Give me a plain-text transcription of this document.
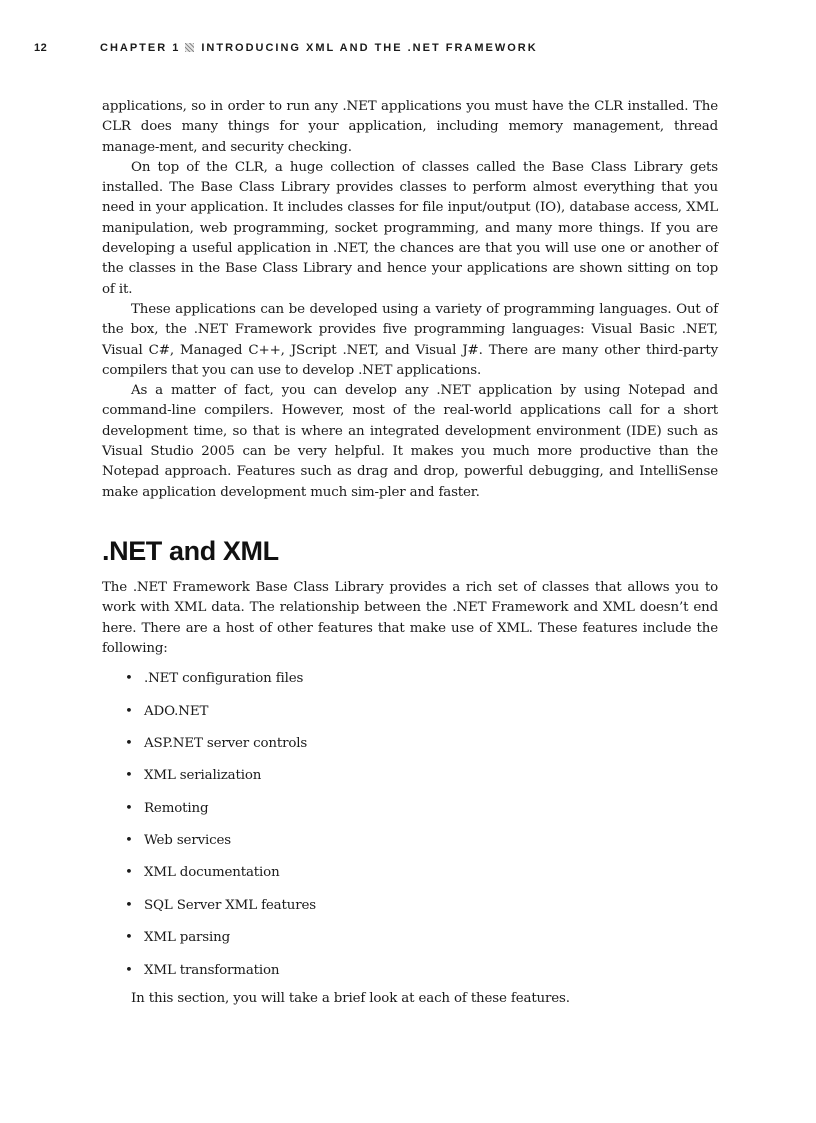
12	CHAPTER 1 INTRODUCING XML AND THE .NET FRAMEWORK

applications, so in order to run any .NET applications you must have the CLR installed. The CLR does many things for your application, including memory management, thread manage-ment, and security checking.

On top of the CLR, a huge collection of classes called the Base Class Library gets installed. The Base Class Library provides classes to perform almost everything that you need in your application. It includes classes for file input/output (IO), database access, XML manipulation, web programming, socket programming, and many more things. If you are developing a useful application in .NET, the chances are that you will use one or another of the classes in the Base Class Library and hence your applications are shown sitting on top of it.

These applications can be developed using a variety of programming languages. Out of the box, the .NET Framework provides five programming languages: Visual Basic .NET, Visual C#, Managed C++, JScript .NET, and Visual J#. There are many other third-party compilers that you can use to develop .NET applications.

As a matter of fact, you can develop any .NET application by using Notepad and command-line compilers. However, most of the real-world applications call for a short development time, so that is where an integrated development environment (IDE) such as Visual Studio 2005 can be very helpful. It makes you much more productive than the Notepad approach. Features such as drag and drop, powerful debugging, and IntelliSense make application development much sim-pler and faster.

.NET and XML

The .NET Framework Base Class Library provides a rich set of classes that allows you to work with XML data. The relationship between the .NET Framework and XML doesn’t end here. There are a host of other features that make use of XML. These features include the following:

• .NET configuration files
• ADO.NET
• ASP.NET server controls
• XML serialization
• Remoting
• Web services
• XML documentation
• SQL Server XML features
• XML parsing
• XML transformation

In this section, you will take a brief look at each of these features.
